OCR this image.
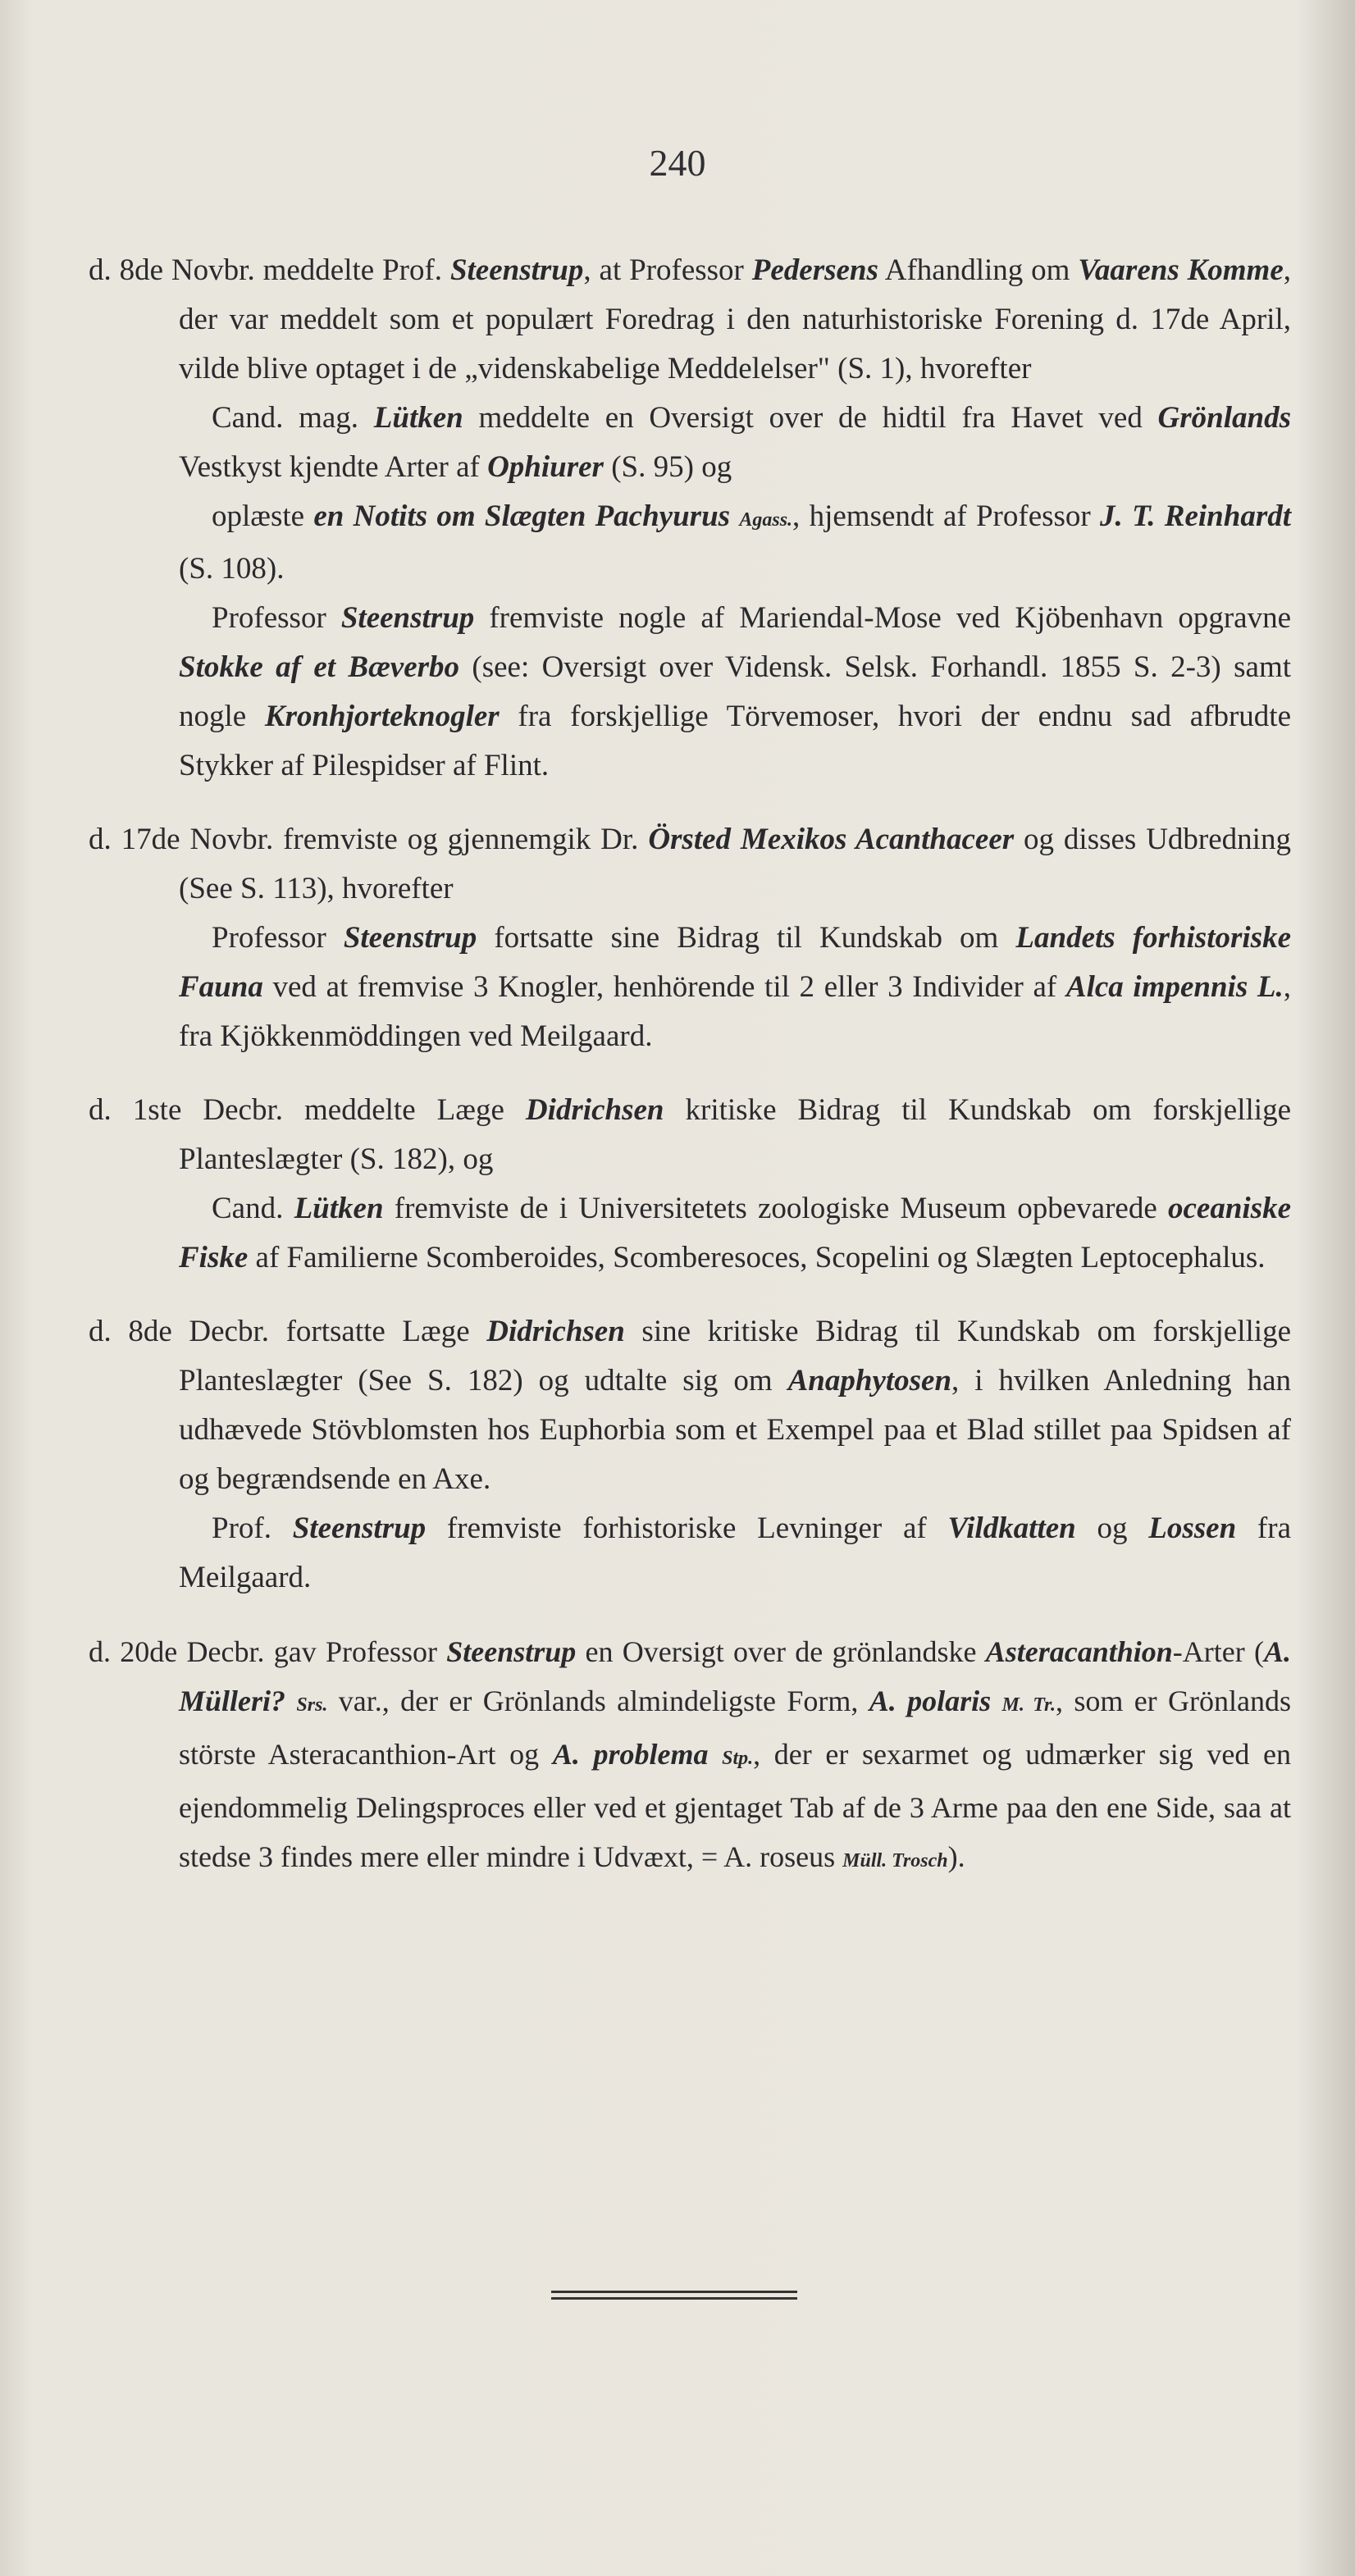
240

d. 8de Novbr. meddelte Prof. Steenstrup, at Professor Pedersens Afhandling om Vaarens Komme, der var meddelt som et populært Foredrag i den naturhistoriske Forening d. 17de April, vilde blive optaget i de „videnskabelige Meddelelser" (S. 1), hvorefter

Cand. mag. Lütken meddelte en Oversigt over de hidtil fra Havet ved Grönlands Vestkyst kjendte Arter af Ophiurer (S. 95) og

oplæste en Notits om Slægten Pachyurus Agass., hjemsendt af Professor J. T. Reinhardt (S. 108).

Professor Steenstrup fremviste nogle af Mariendal-Mose ved Kjöbenhavn opgravne Stokke af et Bæverbo (see: Oversigt over Vidensk. Selsk. Forhandl. 1855 S. 2-3) samt nogle Kronhjorteknogler fra forskjellige Törvemoser, hvori der endnu sad afbrudte Stykker af Pilespidser af Flint.

d. 17de Novbr. fremviste og gjennemgik Dr. Örsted Mexikos Acanthaceer og disses Udbredning (See S. 113), hvorefter

Professor Steenstrup fortsatte sine Bidrag til Kundskab om Landets forhistoriske Fauna ved at fremvise 3 Knogler, henhörende til 2 eller 3 Individer af Alca impennis L., fra Kjökkenmöddingen ved Meilgaard.

d. 1ste Decbr. meddelte Læge Didrichsen kritiske Bidrag til Kundskab om forskjellige Planteslægter (S. 182), og

Cand. Lütken fremviste de i Universitetets zoologiske Museum opbevarede oceaniske Fiske af Familierne Scomberoides, Scomberesoces, Scopelini og Slægten Leptocephalus.

d. 8de Decbr. fortsatte Læge Didrichsen sine kritiske Bidrag til Kundskab om forskjellige Planteslægter (See S. 182) og udtalte sig om Anaphytosen, i hvilken Anledning han udhævede Stövblomsten hos Euphorbia som et Exempel paa et Blad stillet paa Spidsen af og begrændsende en Axe.

Prof. Steenstrup fremviste forhistoriske Levninger af Vildkatten og Lossen fra Meilgaard.

d. 20de Decbr. gav Professor Steenstrup en Oversigt over de grönlandske Asteracanthion-Arter (A. Mülleri? Srs. var., der er Grönlands almindeligste Form, A. polaris M. Tr., som er Grönlands störste Asteracanthion-Art og A. problema Stp., der er sexarmet og udmærker sig ved en ejendommelig Delingsproces eller ved et gjentaget Tab af de 3 Arme paa den ene Side, saa at stedse 3 findes mere eller mindre i Udvæxt, = A. roseus Müll. Trosch).
